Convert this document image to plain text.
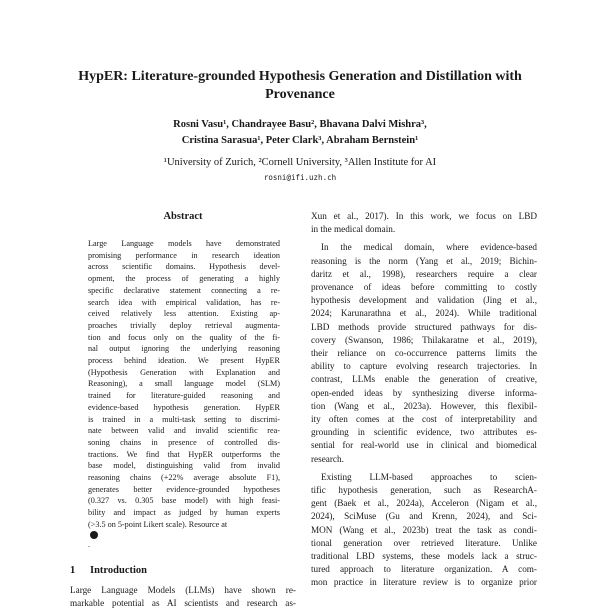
HypER: Literature-grounded Hypothesis Generation and Distillation with
Provenance
Rosni Vasu¹, Chandrayee Basu², Bhavana Dalvi Mishra³,
Cristina Sarasua¹, Peter Clark³, Abraham Bernstein¹
¹University of Zurich, ²Cornell University, ³Allen Institute for AI
rosni@ifi.uzh.ch
Abstract
Large Language models have demonstrated
promising performance in research ideation
across scientific domains. Hypothesis devel-
opment, the process of generating a highly
specific declarative statement connecting a re-
search idea with empirical validation, has re-
ceived relatively less attention. Existing ap-
proaches trivially deploy retrieval augmenta-
tion and focus only on the quality of the fi-
nal output ignoring the underlying reasoning
process behind ideation. We present HypER
(Hypothesis Generation with Explanation and
Reasoning), a small language model (SLM)
trained for literature-guided reasoning and
evidence-based hypothesis generation. HypER
is trained in a multi-task setting to discrimi-
nate between valid and invalid scientific rea-
soning chains in presence of controlled dis-
tractions. We find that HypER outperforms the
base model, distinguishing valid from invalid
reasoning chains (+22% average absolute F1),
generates better evidence-grounded hypotheses
(0.327 vs. 0.305 base model) with high feasi-
bility and impact as judged by human experts
(>3.5 on 5-point Likert scale). Resource at
.
1 Introduction
Large Language Models (LLMs) have shown re-
markable potential as AI scientists and research as-
Xun et al., 2017). In this work, we focus on LBD
in the medical domain.
In the medical domain, where evidence-based
reasoning is the norm (Yang et al., 2019; Bichin-
daritz et al., 1998), researchers require a clear
provenance of ideas before committing to costly
hypothesis development and validation (Jing et al.,
2024; Karunarathna et al., 2024). While traditional
LBD methods provide structured pathways for dis-
covery (Swanson, 1986; Thilakaratne et al., 2019),
their reliance on co-occurrence patterns limits the
ability to capture evolving research trajectories. In
contrast, LLMs enable the generation of creative,
open-ended ideas by synthesizing diverse informa-
tion (Wang et al., 2023a). However, this flexibil-
ity often comes at the cost of interpretability and
grounding in scientific evidence, two attributes es-
sential for real-world use in clinical and biomedical
research.
Existing LLM-based approaches to scien-
tific hypothesis generation, such as ResearchA-
gent (Baek et al., 2024a), Acceleron (Nigam et al.,
2024), SciMuse (Gu and Krenn, 2024), and Sci-
MON (Wang et al., 2023b) treat the task as condi-
tional generation over retrieved literature. Unlike
traditional LBD systems, these models lack a struc-
tured approach to literature organization. A com-
mon practice in literature review is to organize prior
